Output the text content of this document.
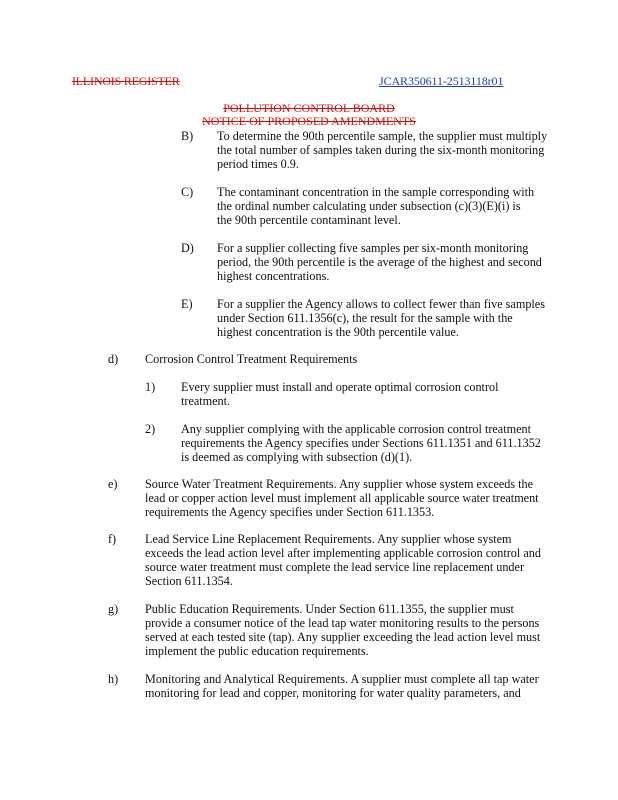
ILLINOIS REGISTER	JCAR350611-2513118r01
POLLUTION CONTROL BOARD
NOTICE OF PROPOSED AMENDMENTS
B) To determine the 90th percentile sample, the supplier must multiply
the total number of samples taken during the six-month monitoring
period times 0.9.
C) The contaminant concentration in the sample corresponding with
the ordinal number calculating under subsection (c)(3)(E)(i) is
the 90th percentile contaminant level.
D) For a supplier collecting five samples per six-month monitoring
period, the 90th percentile is the average of the highest and second
highest concentrations.
E) For a supplier the Agency allows to collect fewer than five samples
under Section 611.1356(c), the result for the sample with the
highest concentration is the 90th percentile value.
d) Corrosion Control Treatment Requirements
1) Every supplier must install and operate optimal corrosion control
treatment.
2) Any supplier complying with the applicable corrosion control treatment
requirements the Agency specifies under Sections 611.1351 and 611.1352
is deemed as complying with subsection (d)(1).
e) Source Water Treatment Requirements. Any supplier whose system exceeds the
lead or copper action level must implement all applicable source water treatment
requirements the Agency specifies under Section 611.1353.
f) Lead Service Line Replacement Requirements. Any supplier whose system
exceeds the lead action level after implementing applicable corrosion control and
source water treatment must complete the lead service line replacement under
Section 611.1354.
g) Public Education Requirements. Under Section 611.1355, the supplier must
provide a consumer notice of the lead tap water monitoring results to the persons
served at each tested site (tap). Any supplier exceeding the lead action level must
implement the public education requirements.
h) Monitoring and Analytical Requirements. A supplier must complete all tap water
monitoring for lead and copper, monitoring for water quality parameters, and
